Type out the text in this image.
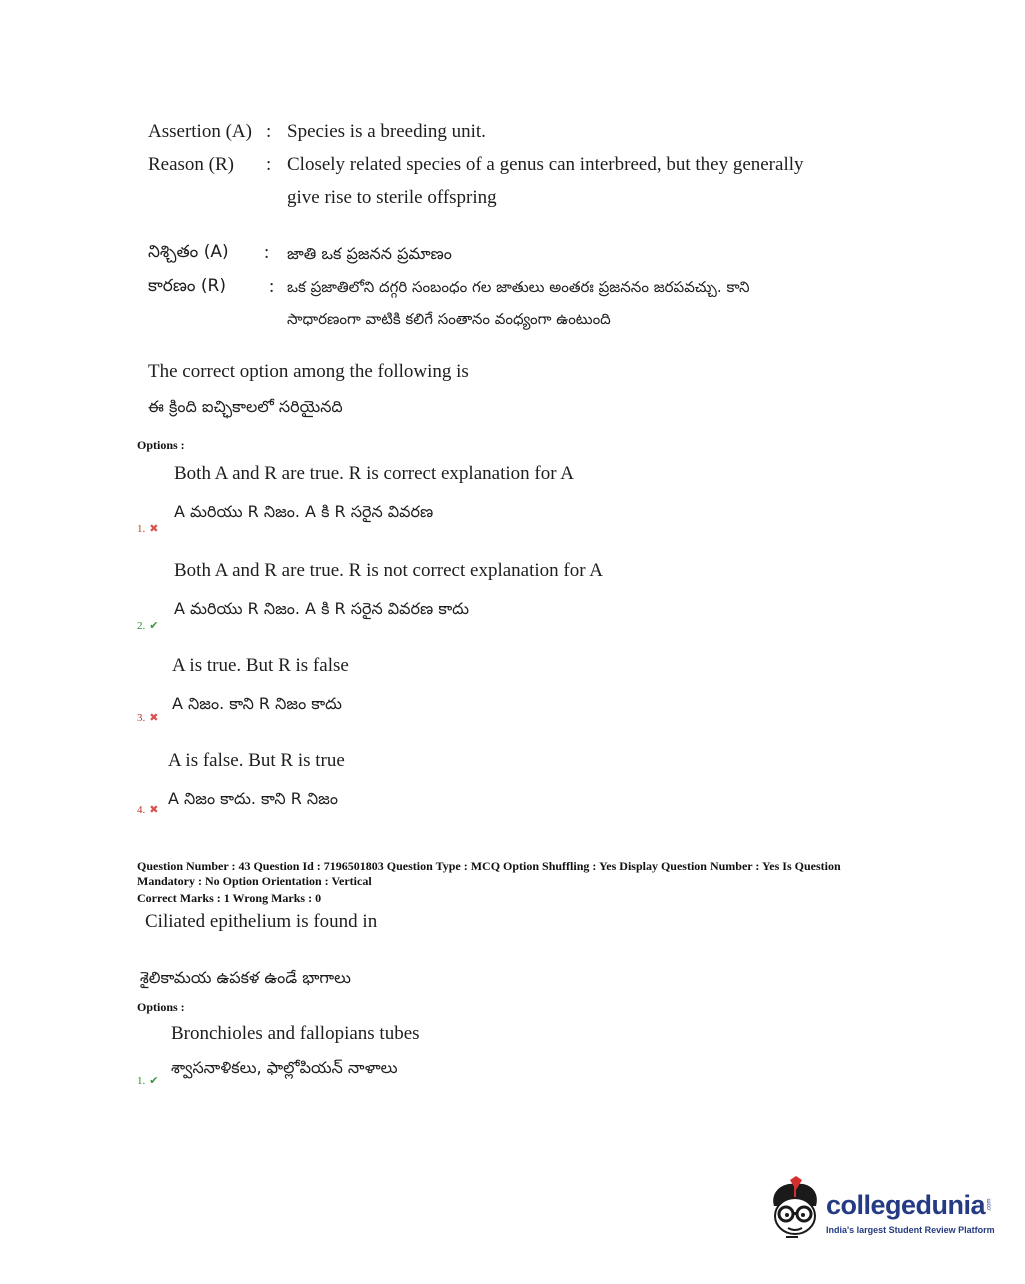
Assertion (A) : Species is a breeding unit.
Reason (R) : Closely related species of a genus can interbreed, but they generally
give rise to sterile offspring
నిశ్చితం (A) : జాతి ఒక ప్రజనన ప్రమాణం
కారణం (R) : ఒక ప్రజాతిలోని దగ్గరి సంబంధం గల జాతులు అంతరః ప్రజననం జరపవచ్చు. కాని
సాధారణంగా వాటికి కలిగే సంతానం వంధ్యంగా ఉంటుంది
The correct option among the following is
ఈ క్రింది ఐచ్ఛికాలలో సరియైనది
Options :
Both A and R are true. R is correct explanation for A
A మరియు R నిజం. A కి R సరైన వివరణ
1. ✖
Both A and R are true. R is not correct explanation for A
A మరియు R నిజం. A కి R సరైన వివరణ కాదు
2. ✔
A is true. But R is false
A నిజం. కాని R నిజం కాదు
3. ✖
A is false. But R is true
A నిజం కాదు. కాని R నిజం
4. ✖
Question Number : 43 Question Id : 7196501803 Question Type : MCQ Option Shuffling : Yes Display Question Number : Yes Is Question
Mandatory : No Option Orientation : Vertical
Correct Marks : 1 Wrong Marks : 0
Ciliated epithelium is found in
శైలికామయ ఉపకళ ఉండే భాగాలు
Options :
Bronchioles and fallopians tubes
శ్వాసనాళికలు, ఫాల్లోపియన్ నాళాలు
1. ✔
collegedunia .com
India's largest Student Review Platform
